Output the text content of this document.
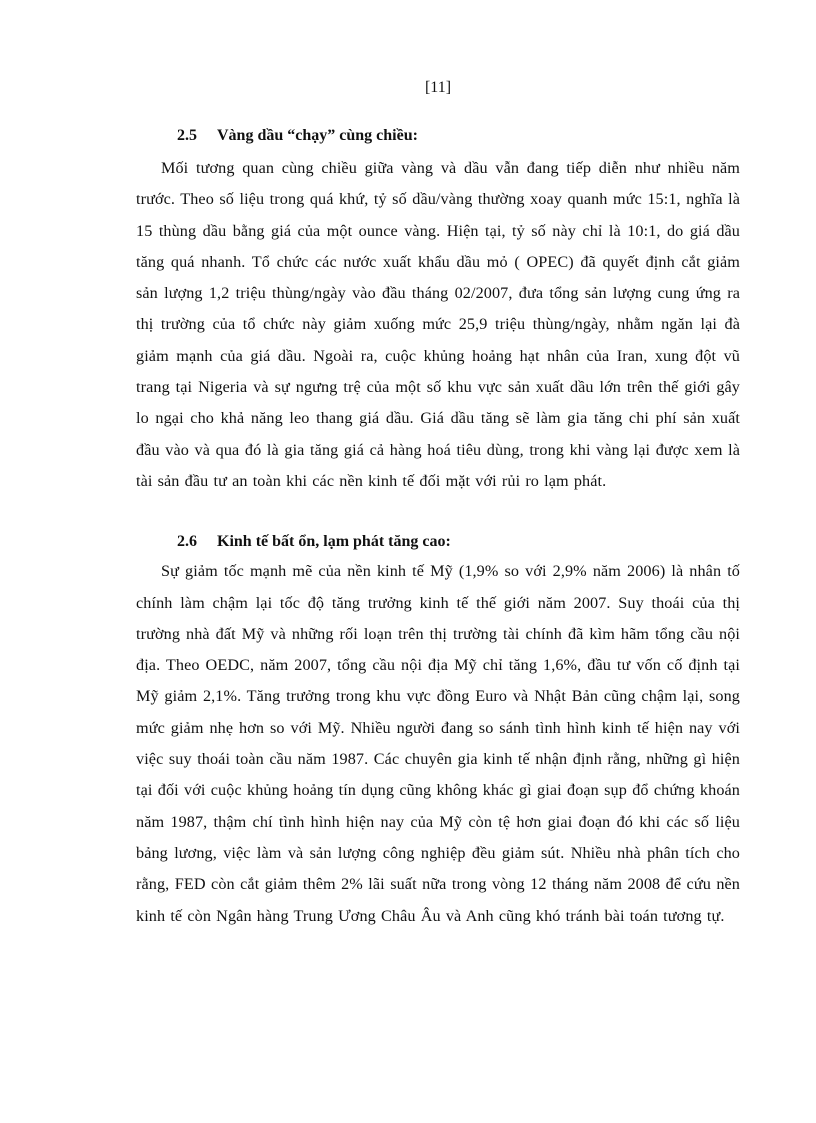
[11]
2.5	Vàng dầu “chạy” cùng chiều:

Mối tương quan cùng chiều giữa vàng và dầu vẫn đang tiếp diễn như nhiều năm trước. Theo số liệu trong quá khứ, tỷ số dầu/vàng thường xoay quanh mức 15:1, nghĩa là 15 thùng dầu bằng giá của một ounce vàng. Hiện tại, tỷ số này chỉ là 10:1, do giá dầu tăng quá nhanh. Tổ chức các nước xuất khẩu dầu mỏ ( OPEC) đã quyết định cắt giảm sản lượng 1,2 triệu thùng/ngày vào đầu tháng 02/2007, đưa tổng sản lượng cung ứng ra thị trường của tổ chức này giảm xuống mức 25,9 triệu thùng/ngày, nhằm ngăn lại đà giảm mạnh của giá dầu. Ngoài ra, cuộc khủng hoảng hạt nhân của Iran, xung đột vũ trang tại Nigeria và sự ngưng trệ của một số khu vực sản xuất dầu lớn trên thế giới gây lo ngại cho khả năng leo thang giá dầu. Giá dầu tăng sẽ làm gia tăng chi phí sản xuất đầu vào và qua đó là gia tăng giá cả hàng hoá tiêu dùng, trong khi vàng lại được xem là tài sản đầu tư an toàn khi các nền kinh tế đối mặt với rủi ro lạm phát.

2.6	Kinh tế bất ổn, lạm phát tăng cao:

Sự giảm tốc mạnh mẽ của nền kinh tế Mỹ (1,9% so với 2,9% năm 2006) là nhân tố chính làm chậm lại tốc độ tăng trưởng kinh tế thế giới năm 2007. Suy thoái của thị trường nhà đất Mỹ và những rối loạn trên thị trường tài chính đã kìm hãm tổng cầu nội địa. Theo OEDC, năm 2007, tổng cầu nội địa Mỹ chỉ tăng 1,6%, đầu tư vốn cố định tại Mỹ giảm 2,1%. Tăng trưởng trong khu vực đồng Euro và Nhật Bản cũng chậm lại, song mức giảm nhẹ hơn so với Mỹ. Nhiều người đang so sánh tình hình kinh tế hiện nay với việc suy thoái toàn cầu năm 1987. Các chuyên gia kinh tế nhận định rằng, những gì hiện tại đối với cuộc khủng hoảng tín dụng cũng không khác gì giai đoạn sụp đổ chứng khoán năm 1987, thậm chí tình hình hiện nay của Mỹ còn tệ hơn giai đoạn đó khi các số liệu bảng lương, việc làm và sản lượng công nghiệp đều giảm sút. Nhiều nhà phân tích cho rằng, FED còn cắt giảm thêm 2% lãi suất nữa trong vòng 12 tháng năm 2008 để cứu nền kinh tế còn Ngân hàng Trung Ương Châu Âu và Anh cũng khó tránh bài toán tương tự.
